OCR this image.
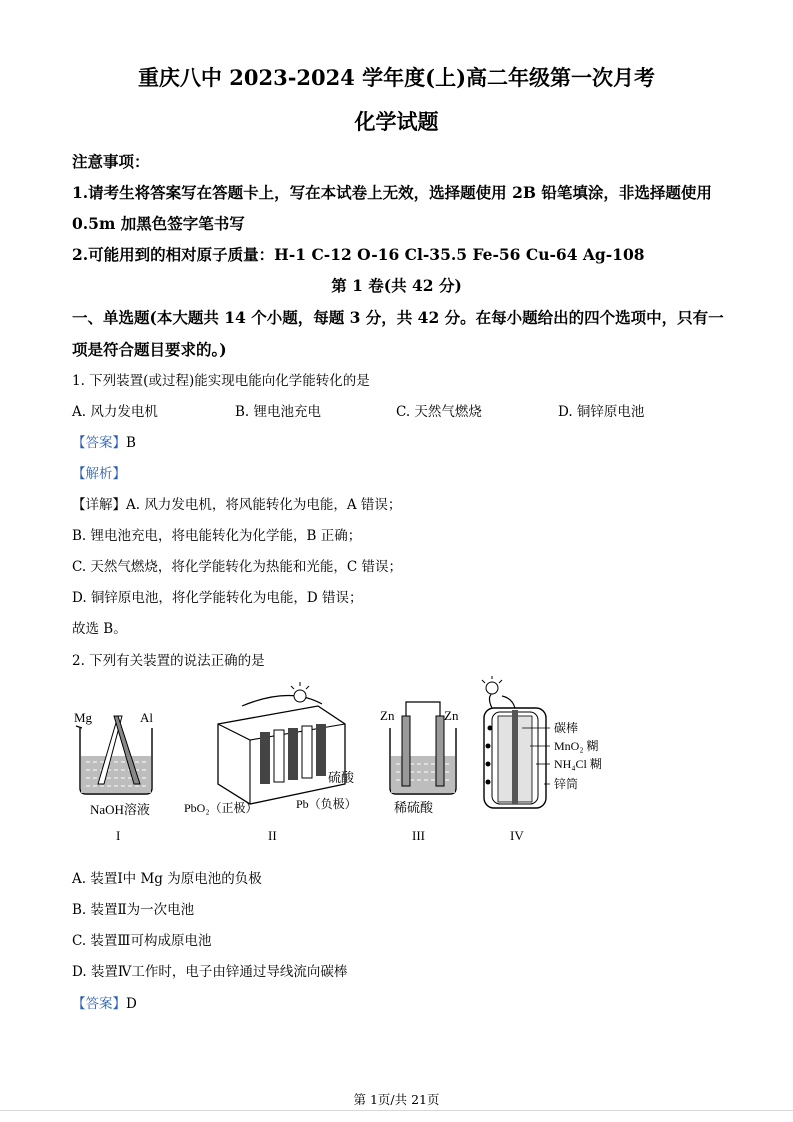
重庆八中 2023-2024 学年度(上)高二年级第一次月考
化学试题
注意事项：
1.请考生将答案写在答题卡上，写在本试卷上无效，选择题使用 2B 铅笔填涂，非选择题使用
0.5m 加黑色签字笔书写
2.可能用到的相对原子质量：H-1 C-12 O-16 Cl-35.5 Fe-56 Cu-64 Ag-108
第 1 卷(共 42 分)
一、单选题(本大题共 14 个小题，每题 3 分，共 42 分。在每小题给出的四个选项中，只有一
项是符合题目要求的。)
1. 下列装置(或过程)能实现电能向化学能转化的是
A. 风力发电机	B. 锂电池充电	C. 天然气燃烧	D. 铜锌原电池
【答案】B
【解析】
【详解】A. 风力发电机，将风能转化为电能，A 错误；
B. 锂电池充电，将电能转化为化学能，B 正确；
C. 天然气燃烧，将化学能转化为热能和光能，C 错误；
D. 铜锌原电池，将化学能转化为电能，D 错误；
故选 B。
2. 下列有关装置的说法正确的是
Mg	Al
NaOH溶液
I
硫酸
PbO₂（正极）	Pb（负极）
II
Zn	Zn
稀硫酸
III
碳棒
MnO₂ 糊
NH₄Cl 糊
锌筒
IV
A. 装置Ⅰ中 Mg 为原电池的负极
B. 装置Ⅱ为一次电池
C. 装置Ⅲ可构成原电池
D. 装置Ⅳ工作时，电子由锌通过导线流向碳棒
【答案】D
第 1页/共 21页
